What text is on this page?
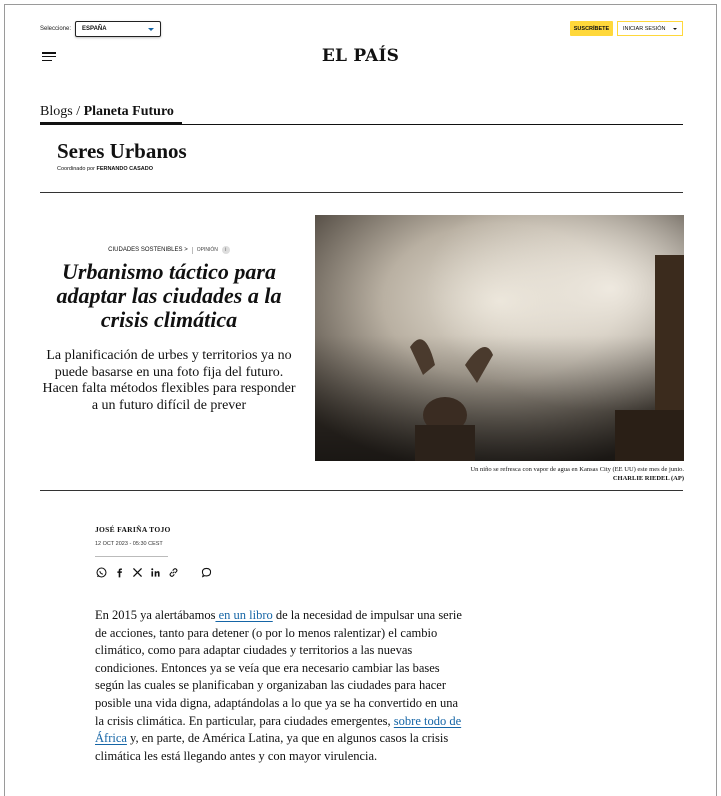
Seleccione: ESPAÑA	SUSCRÍBETE	INICIAR SESIÓN
EL PAÍS
Blogs / Planeta Futuro
Seres Urbanos
Coordinado por FERNANDO CASADO
CIUDADES SOSTENIBLES > OPINIÓN	i
Urbanismo táctico para adaptar las ciudades a la crisis climática

La planificación de urbes y territorios ya no puede basarse en una foto fija del futuro. Hacen falta métodos flexibles para responder a un futuro difícil de prever

Un niño se refresca con vapor de agua en Kansas City (EE UU) este mes de junio.
CHARLIE RIEDEL (AP)
JOSÉ FARIÑA TOJO
12 OCT 2023 - 05:30 CEST

En 2015 ya alertábamos en un libro de la necesidad de impulsar una serie de acciones, tanto para detener (o por lo menos ralentizar) el cambio climático, como para adaptar ciudades y territorios a las nuevas condiciones. Entonces ya se veía que era necesario cambiar las bases según las cuales se planificaban y organizaban las ciudades para hacer posible una vida digna, adaptándolas a lo que ya se ha convertido en una la crisis climática. En particular, para ciudades emergentes, sobre todo de África y, en parte, de América Latina, ya que en algunos casos la crisis climática les está llegando antes y con mayor virulencia.
